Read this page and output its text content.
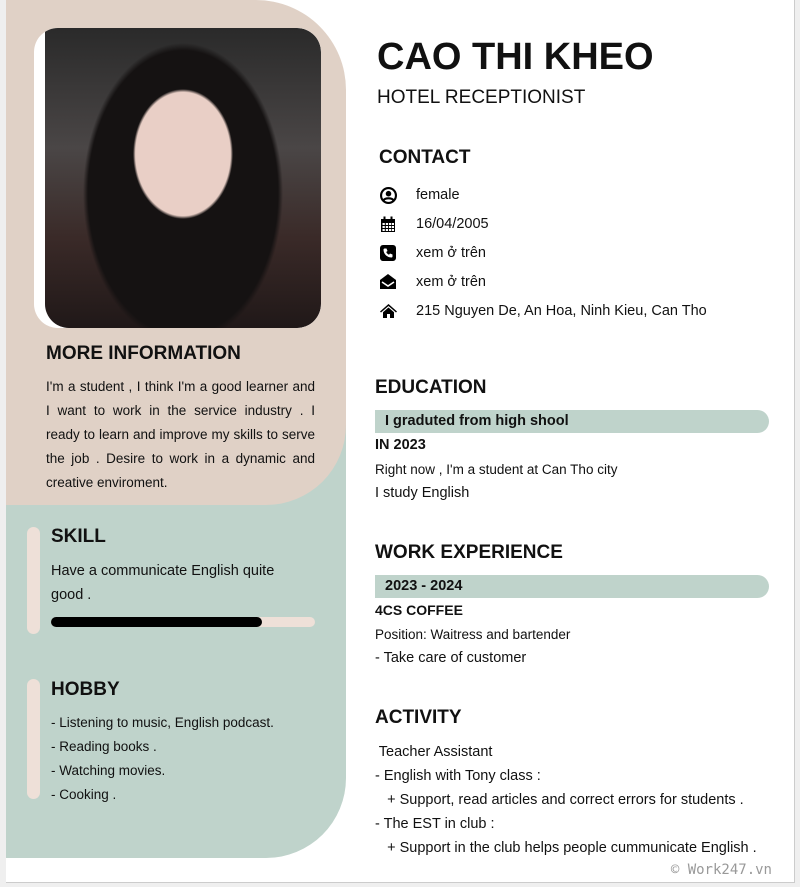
MORE INFORMATION
I'm a student , I think I'm a good learner and I want to work in the service industry . I ready to learn and improve my skills to serve the job . Desire to work in a dynamic and creative enviroment.
SKILL
Have a communicate English quite good .
HOBBY
- Listening to music, English podcast.
- Reading books .
- Watching movies.
- Cooking .
CAO THI KHEO
HOTEL RECEPTIONIST
CONTACT
female
16/04/2005
xem ở trên
xem ở trên
215 Nguyen De, An Hoa, Ninh Kieu, Can Tho
EDUCATION
I graduted from high shool
IN 2023
Right now , I'm a student at Can Tho city
I study English
WORK EXPERIENCE
2023 - 2024
4CS COFFEE
Position: Waitress and bartender
- Take care of customer
ACTIVITY
Teacher Assistant
- English with Tony class :
+ Support, read articles and correct errors for students .
- The EST in club :
+ Support in the club helps people cummunicate English .
© Work247.vn
